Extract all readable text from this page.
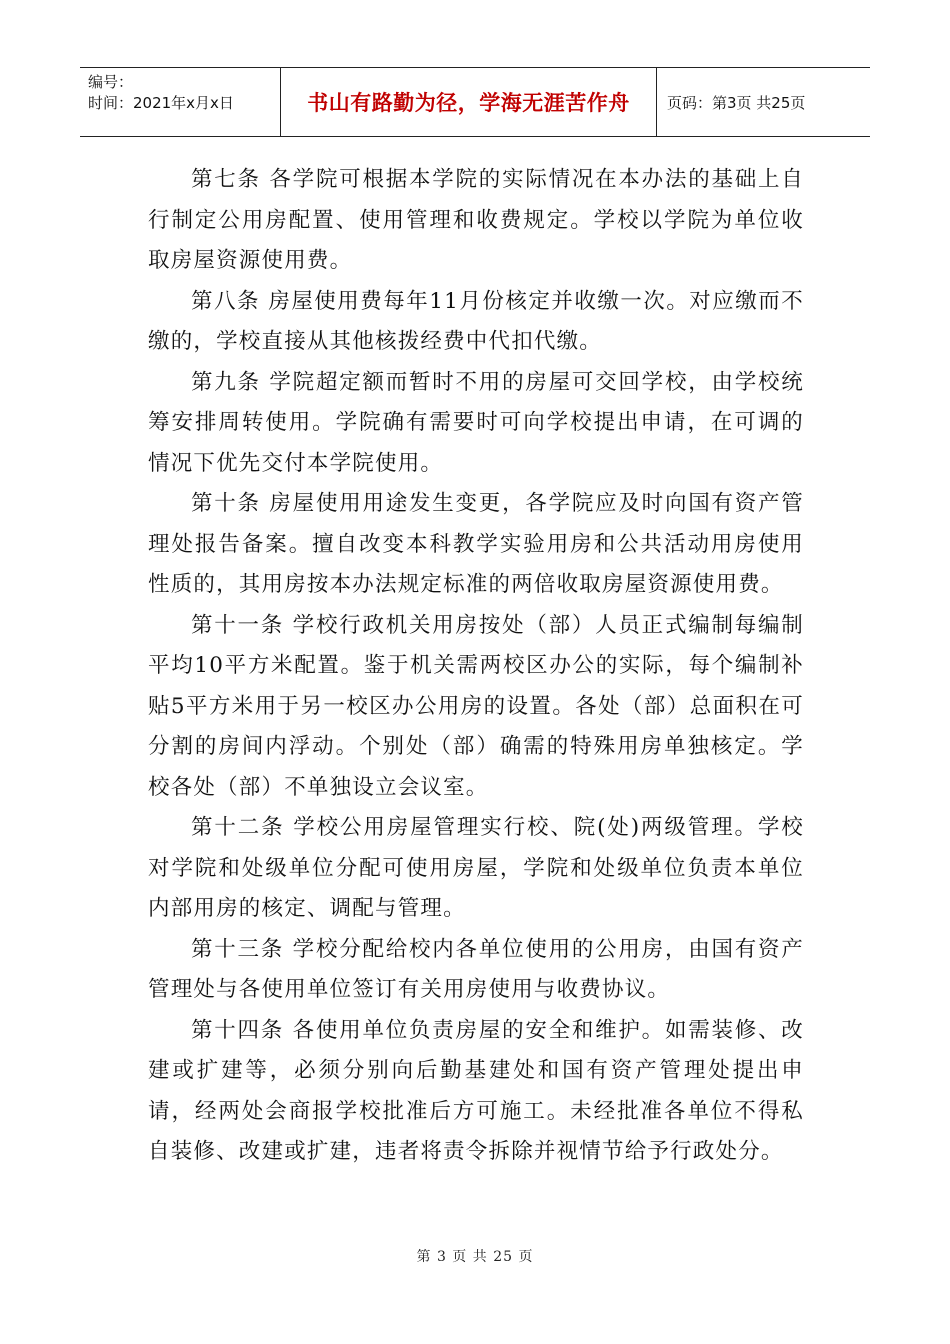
编号：
时间：2021年x月x日	书山有路勤为径，学海无涯苦作舟	页码：第3页 共25页

第七条 各学院可根据本学院的实际情况在本办法的基础上自行制定公用房配置、使用管理和收费规定。学校以学院为单位收取房屋资源使用费。

第八条 房屋使用费每年11月份核定并收缴一次。对应缴而不缴的，学校直接从其他核拨经费中代扣代缴。

第九条 学院超定额而暂时不用的房屋可交回学校，由学校统筹安排周转使用。学院确有需要时可向学校提出申请，在可调的情况下优先交付本学院使用。

第十条 房屋使用用途发生变更，各学院应及时向国有资产管理处报告备案。擅自改变本科教学实验用房和公共活动用房使用性质的，其用房按本办法规定标准的两倍收取房屋资源使用费。

第十一条 学校行政机关用房按处（部）人员正式编制每编制平均10平方米配置。鉴于机关需两校区办公的实际，每个编制补贴5平方米用于另一校区办公用房的设置。各处（部）总面积在可分割的房间内浮动。个别处（部）确需的特殊用房单独核定。学校各处（部）不单独设立会议室。

第十二条 学校公用房屋管理实行校、院(处)两级管理。学校对学院和处级单位分配可使用房屋，学院和处级单位负责本单位内部用房的核定、调配与管理。

第十三条 学校分配给校内各单位使用的公用房，由国有资产管理处与各使用单位签订有关用房使用与收费协议。

第十四条 各使用单位负责房屋的安全和维护。如需装修、改建或扩建等，必须分别向后勤基建处和国有资产管理处提出申请，经两处会商报学校批准后方可施工。未经批准各单位不得私自装修、改建或扩建，违者将责令拆除并视情节给予行政处分。

第 3 页 共 25 页
